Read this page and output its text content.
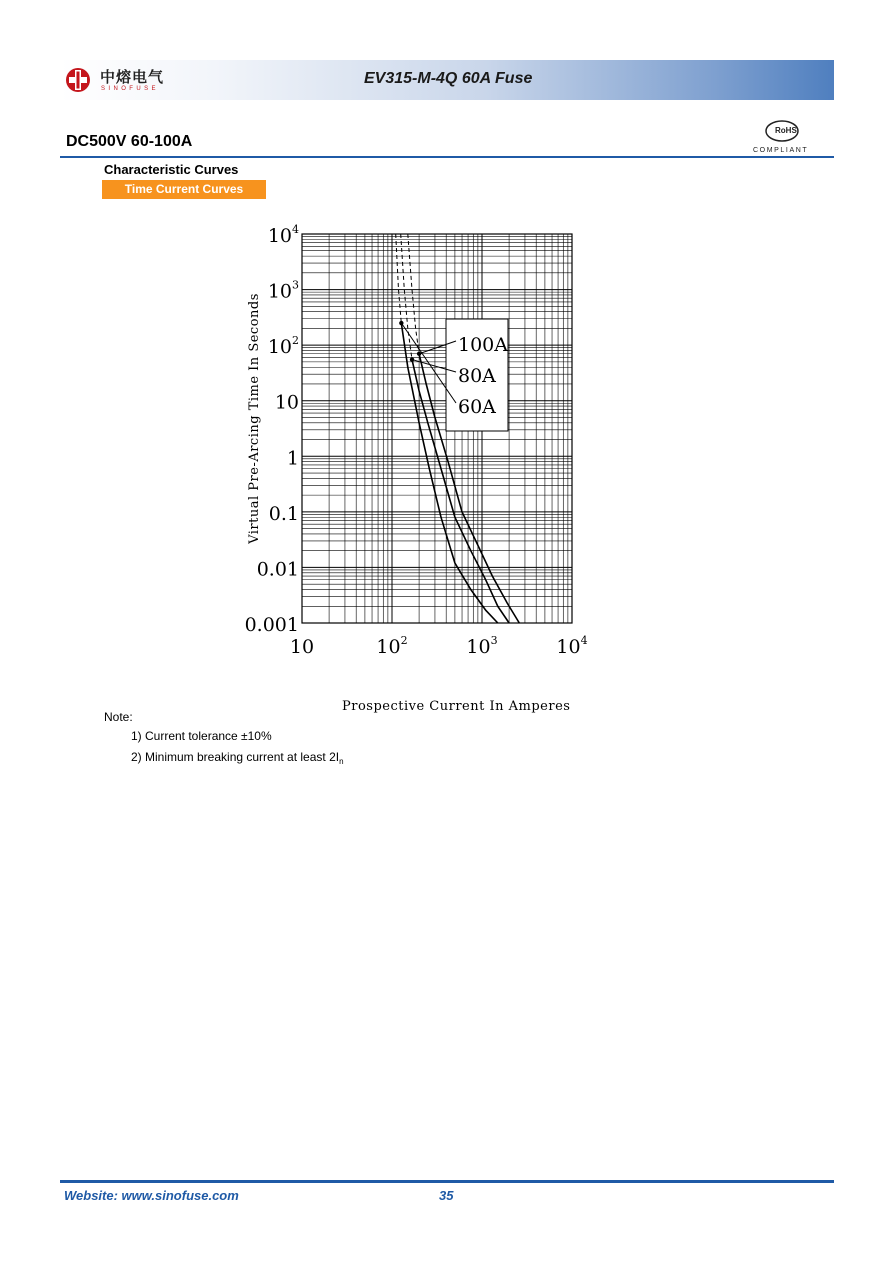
中熔电气
SINOFUSE
EV315-M-4Q 60A Fuse
DC500V 60-100A
RoHS
COMPLIANT
Characteristic Curves
Time Current Curves
100A
80A
60A
$10^4$
$10^3$
$10^2$
10
1
0.1
0.01
0.001
10	$10^2$	$10^3$	$10^4$
Virtual Pre-Arcing Time In Seconds
Prospective Current In Amperes
Note:
1) Current tolerance ±10%
2) Minimum breaking current at least $2I_n$
Website: www.sinofuse.com	35
